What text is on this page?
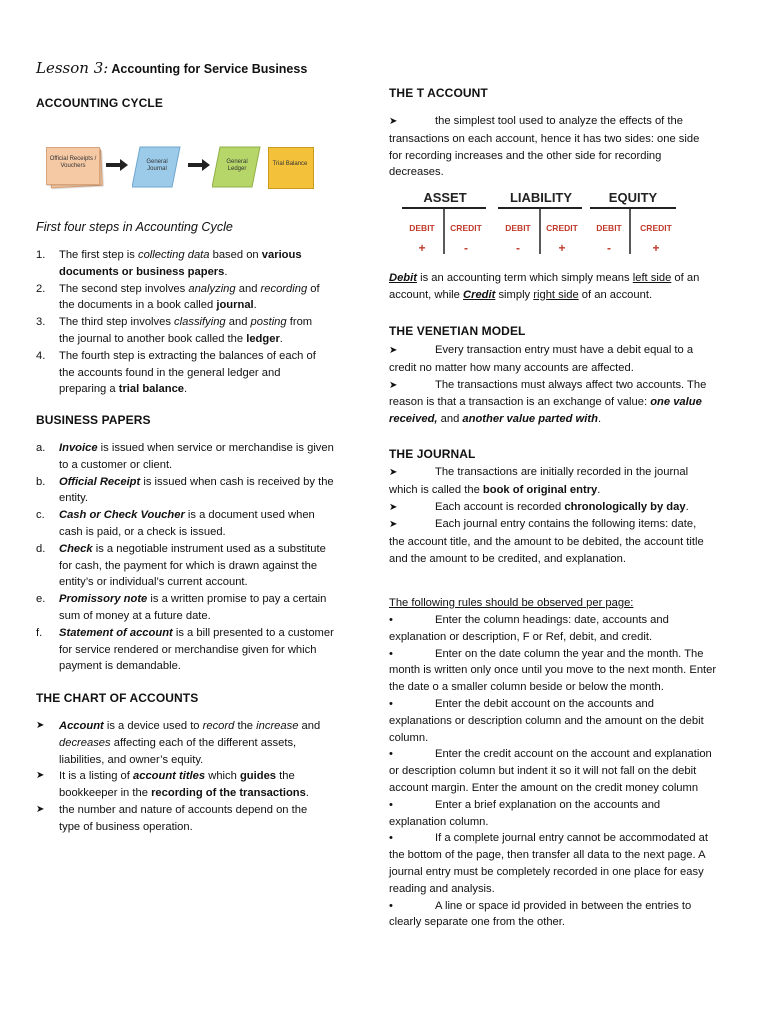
Lesson 3: Accounting for Service Business
ACCOUNTING CYCLE
Official Receipts / Vouchers
General Journal
General Ledger
Trial Balance
First four steps in Accounting Cycle
1. The first step is collecting data based on various documents or business papers.
2. The second step involves analyzing and recording of the documents in a book called journal.
3. The third step involves classifying and posting from the journal to another book called the ledger.
4. The fourth step is extracting the balances of each of the accounts found in the general ledger and preparing a trial balance.
BUSINESS PAPERS
a. Invoice is issued when service or merchandise is given to a customer or client.
b. Official Receipt is issued when cash is received by the entity.
c. Cash or Check Voucher is a document used when cash is paid, or a check is issued.
d. Check is a negotiable instrument used as a substitute for cash, the payment for which is drawn against the entity’s or individual’s current account.
e. Promissory note is a written promise to pay a certain sum of money at a future date.
f. Statement of account is a bill presented to a customer for service rendered or merchandise given for which payment is demandable.
THE CHART OF ACCOUNTS
➤ Account is a device used to record the increase and decreases affecting each of the different assets, liabilities, and owner’s equity.
➤ It is a listing of account titles which guides the bookkeeper in the recording of the transactions.
➤ the number and nature of accounts depend on the type of business operation.
THE T ACCOUNT
➤	the simplest tool used to analyze the effects of the transactions on each account, hence it has two sides: one side for recording increases and the other side for recording decreases.
ASSET	LIABILITY	EQUITY
DEBIT	CREDIT	DEBIT	CREDIT	DEBIT	CREDIT
+	-	-	+	-	+
Debit is an accounting term which simply means left side of an account, while Credit simply right side of an account.
THE VENETIAN MODEL
➤	Every transaction entry must have a debit equal to a credit no matter how many accounts are affected.
➤	The transactions must always affect two accounts. The reason is that a transaction is an exchange of value: one value received, and another value parted with.
THE JOURNAL
➤	The transactions are initially recorded in the journal which is called the book of original entry.
➤	Each account is recorded chronologically by day.
➤	Each journal entry contains the following items: date, the account title, and the amount to be debited, the account title and the amount to be credited, and explanation.
The following rules should be observed per page:
•	Enter the column headings: date, accounts and explanation or description, F or Ref, debit, and credit.
•	Enter on the date column the year and the month. The month is written only once until you move to the next month. Enter the date o a smaller column beside or below the month.
•	Enter the debit account on the accounts and explanations or description column and the amount on the debit column.
•	Enter the credit account on the account and explanation or description column but indent it so it will not fall on the debit account margin. Enter the amount on the credit money column
•	Enter a brief explanation on the accounts and explanation column.
•	If a complete journal entry cannot be accommodated at the bottom of the page, then transfer all data to the next page. A journal entry must be completely recorded in one place for easy reading and analysis.
•	A line or space id provided in between the entries to clearly separate one from the other.
